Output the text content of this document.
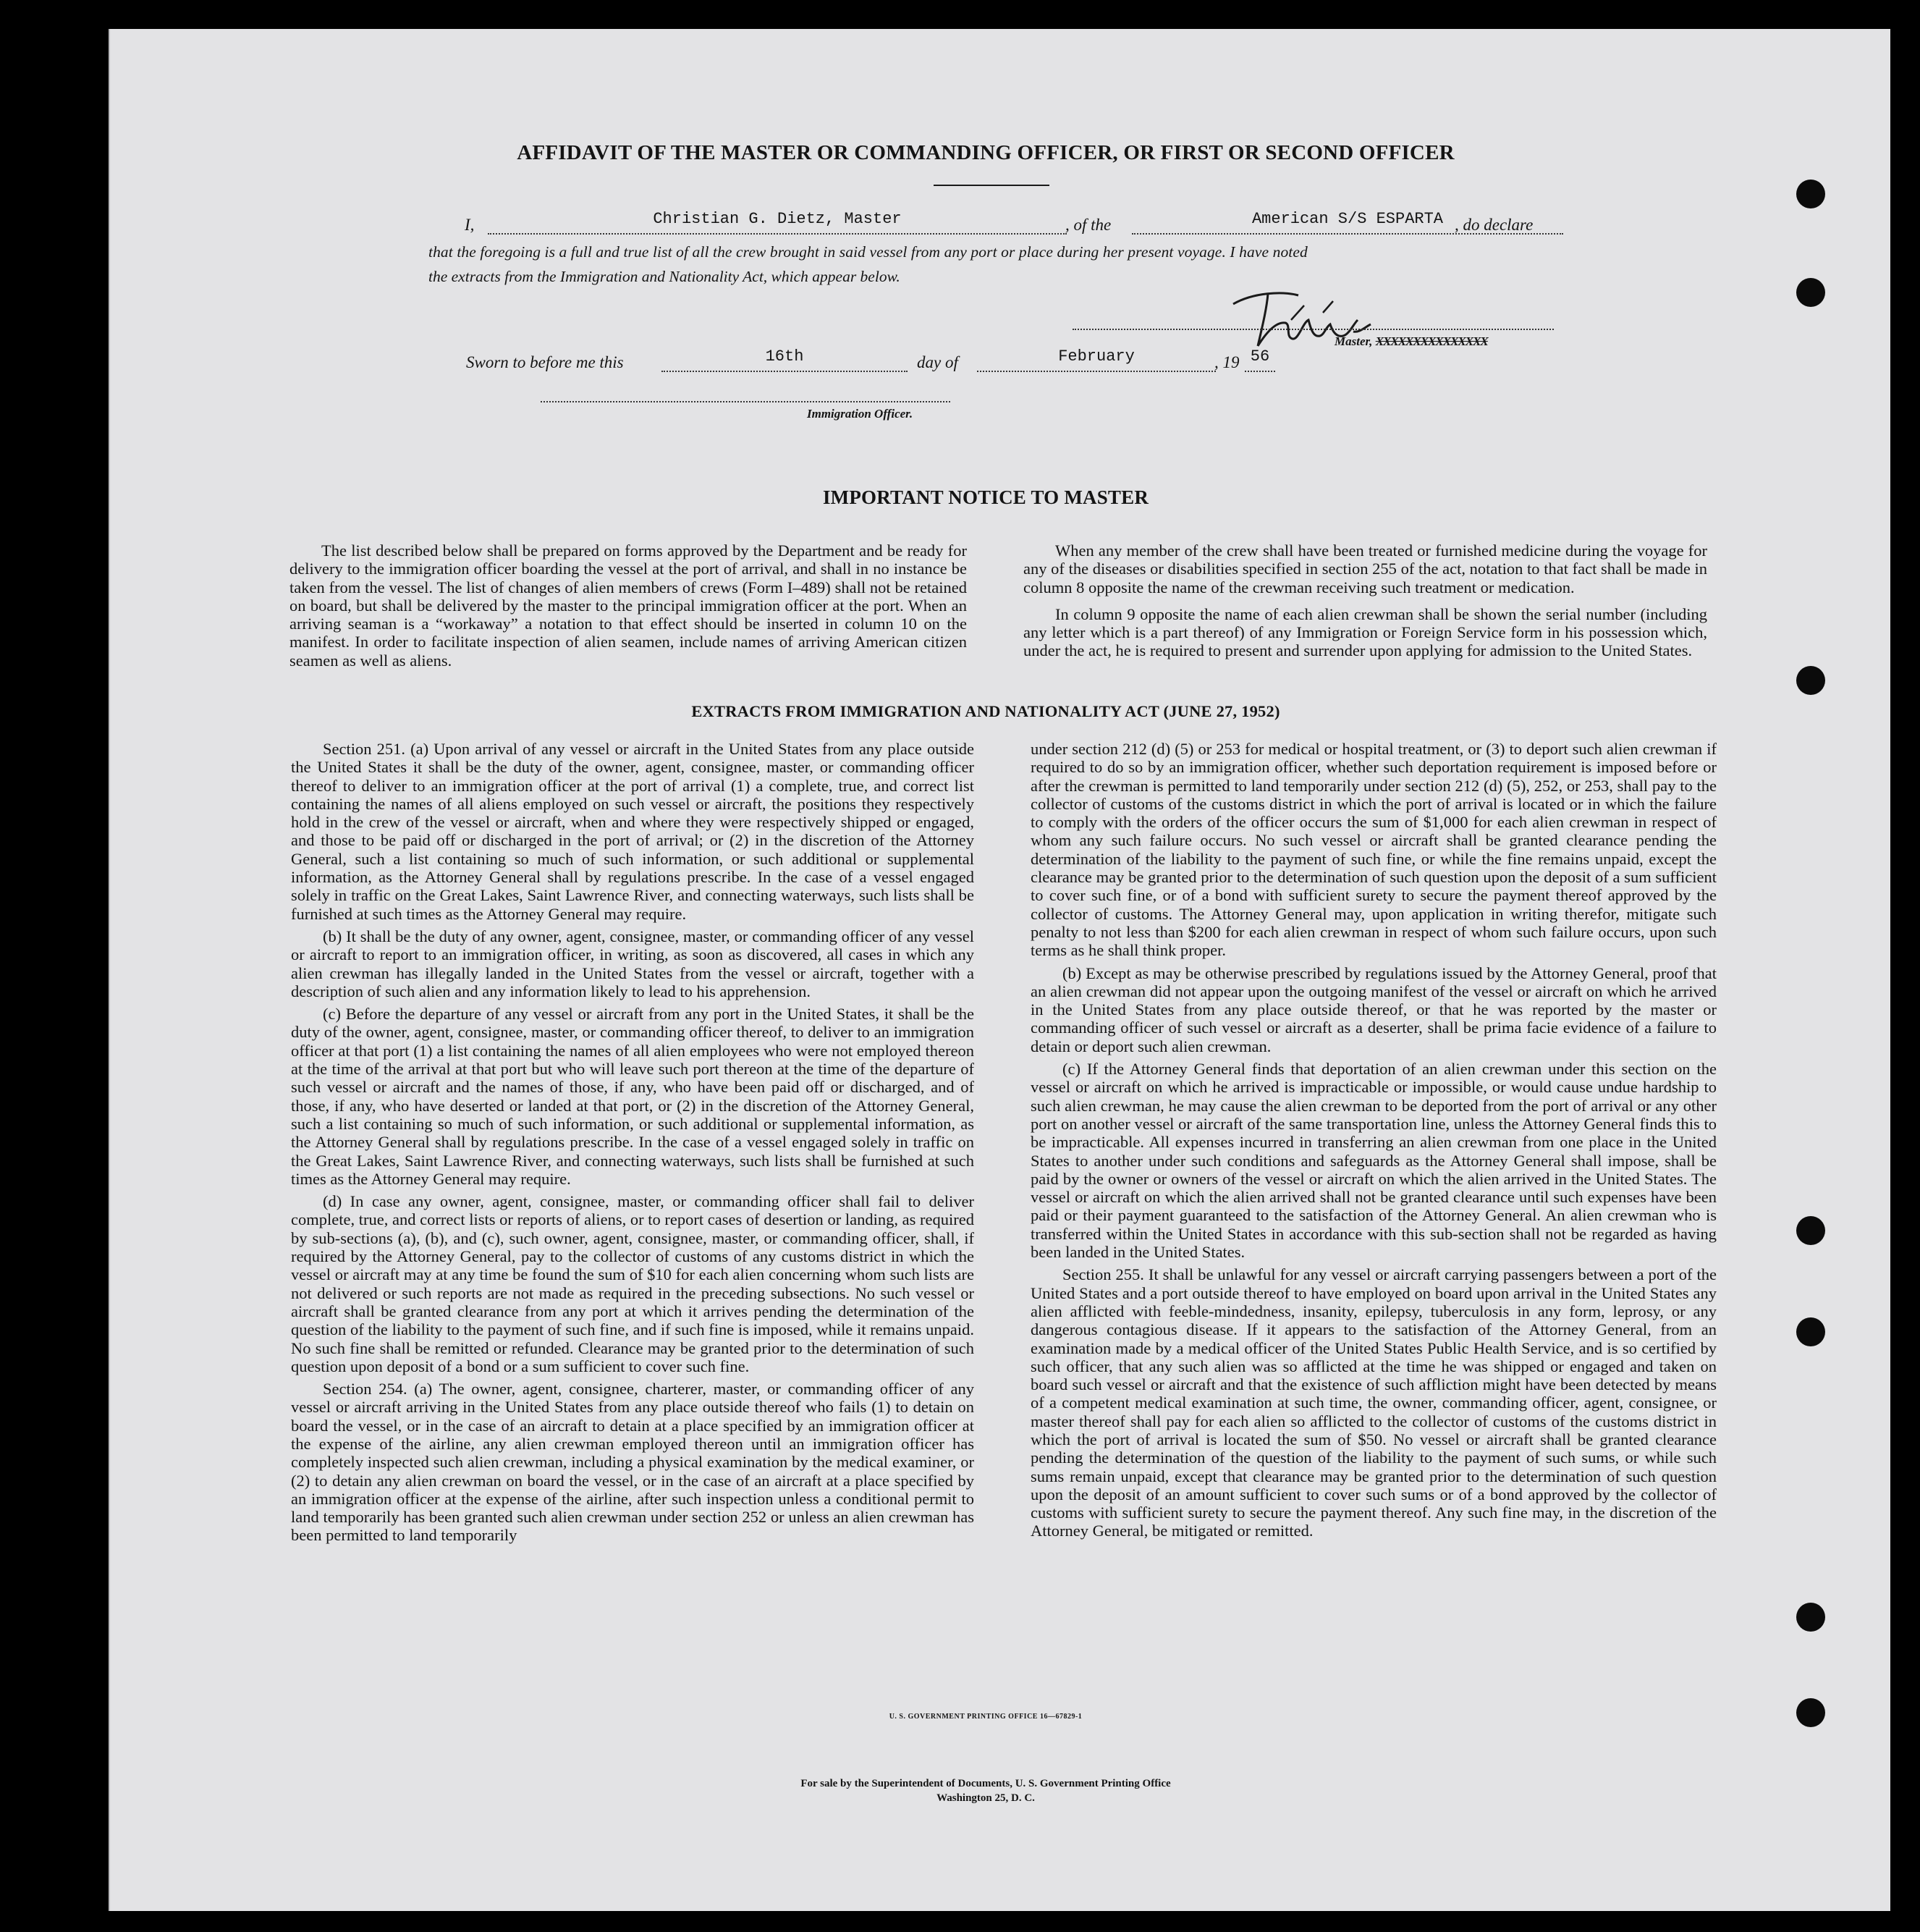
AFFIDAVIT OF THE MASTER OR COMMANDING OFFICER, OR FIRST OR SECOND OFFICER
I,	Christian G. Dietz, Master	, of the	American S/S ESPARTA , do declare
that the foregoing is a full and true list of all the crew brought in said vessel from any port or place during her present voyage. I have noted
the extracts from the Immigration and Nationality Act, which appear below.
Master, XXXXXXXXXXXXXXX
Sworn to before me this	16th	day of	February	, 19 56
Immigration Officer.
IMPORTANT NOTICE TO MASTER

The list described below shall be prepared on forms approved by the Department and be ready for delivery to the immigration officer boarding the vessel at the port of arrival, and shall in no instance be taken from the vessel. The list of changes of alien members of crews (Form I–489) shall not be retained on board, but shall be delivered by the master to the principal immigration officer at the port. When an arriving seaman is a “workaway” a notation to that effect should be inserted in column 10 on the manifest. In order to facilitate inspection of alien seamen, include names of arriving American citizen seamen as well as aliens.

When any member of the crew shall have been treated or furnished medicine during the voyage for any of the diseases or disabilities specified in section 255 of the act, notation to that fact shall be made in column 8 opposite the name of the crewman receiving such treatment or medication.

In column 9 opposite the name of each alien crewman shall be shown the serial number (including any letter which is a part thereof) of any Immigration or Foreign Service form in his possession which, under the act, he is required to present and surrender upon applying for admission to the United States.

EXTRACTS FROM IMMIGRATION AND NATIONALITY ACT (JUNE 27, 1952)

Section 251. (a) Upon arrival of any vessel or aircraft in the United States from any place outside the United States it shall be the duty of the owner, agent, consignee, master, or commanding officer thereof to deliver to an immigration officer at the port of arrival (1) a complete, true, and correct list containing the names of all aliens employed on such vessel or aircraft, the positions they respectively hold in the crew of the vessel or aircraft, when and where they were respectively shipped or engaged, and those to be paid off or discharged in the port of arrival; or (2) in the discretion of the Attorney General, such a list containing so much of such information, or such additional or supplemental information, as the Attorney General shall by regulations prescribe. In the case of a vessel engaged solely in traffic on the Great Lakes, Saint Lawrence River, and connecting waterways, such lists shall be furnished at such times as the Attorney General may require.

(b) It shall be the duty of any owner, agent, consignee, master, or commanding officer of any vessel or aircraft to report to an immigration officer, in writing, as soon as discovered, all cases in which any alien crewman has illegally landed in the United States from the vessel or aircraft, together with a description of such alien and any information likely to lead to his apprehension.

(c) Before the departure of any vessel or aircraft from any port in the United States, it shall be the duty of the owner, agent, consignee, master, or commanding officer thereof, to deliver to an immigration officer at that port (1) a list containing the names of all alien employees who were not employed thereon at the time of the arrival at that port but who will leave such port thereon at the time of the departure of such vessel or aircraft and the names of those, if any, who have been paid off or discharged, and of those, if any, who have deserted or landed at that port, or (2) in the discretion of the Attorney General, such a list containing so much of such information, or such additional or supplemental information, as the Attorney General shall by regulations prescribe. In the case of a vessel engaged solely in traffic on the Great Lakes, Saint Lawrence River, and connecting waterways, such lists shall be furnished at such times as the Attorney General may require.

(d) In case any owner, agent, consignee, master, or commanding officer shall fail to deliver complete, true, and correct lists or reports of aliens, or to report cases of desertion or landing, as required by sub-sections (a), (b), and (c), such owner, agent, consignee, master, or commanding officer, shall, if required by the Attorney General, pay to the collector of customs of any customs district in which the vessel or aircraft may at any time be found the sum of $10 for each alien concerning whom such lists are not delivered or such reports are not made as required in the preceding subsections. No such vessel or aircraft shall be granted clearance from any port at which it arrives pending the determination of the question of the liability to the payment of such fine, and if such fine is imposed, while it remains unpaid. No such fine shall be remitted or refunded. Clearance may be granted prior to the determination of such question upon deposit of a bond or a sum sufficient to cover such fine.

Section 254. (a) The owner, agent, consignee, charterer, master, or commanding officer of any vessel or aircraft arriving in the United States from any place outside thereof who fails (1) to detain on board the vessel, or in the case of an aircraft to detain at a place specified by an immigration officer at the expense of the airline, any alien crewman employed thereon until an immigration officer has completely inspected such alien crewman, including a physical examination by the medical examiner, or (2) to detain any alien crewman on board the vessel, or in the case of an aircraft at a place specified by an immigration officer at the expense of the airline, after such inspection unless a conditional permit to land temporarily has been granted such alien crewman under section 252 or unless an alien crewman has been permitted to land temporarily

under section 212 (d) (5) or 253 for medical or hospital treatment, or (3) to deport such alien crewman if required to do so by an immigration officer, whether such deportation requirement is imposed before or after the crewman is permitted to land temporarily under section 212 (d) (5), 252, or 253, shall pay to the collector of customs of the customs district in which the port of arrival is located or in which the failure to comply with the orders of the officer occurs the sum of $1,000 for each alien crewman in respect of whom any such failure occurs. No such vessel or aircraft shall be granted clearance pending the determination of the liability to the payment of such fine, or while the fine remains unpaid, except the clearance may be granted prior to the determination of such question upon the deposit of a sum sufficient to cover such fine, or of a bond with sufficient surety to secure the payment thereof approved by the collector of customs. The Attorney General may, upon application in writing therefor, mitigate such penalty to not less than $200 for each alien crewman in respect of whom such failure occurs, upon such terms as he shall think proper.

(b) Except as may be otherwise prescribed by regulations issued by the Attorney General, proof that an alien crewman did not appear upon the outgoing manifest of the vessel or aircraft on which he arrived in the United States from any place outside thereof, or that he was reported by the master or commanding officer of such vessel or aircraft as a deserter, shall be prima facie evidence of a failure to detain or deport such alien crewman.

(c) If the Attorney General finds that deportation of an alien crewman under this section on the vessel or aircraft on which he arrived is impracticable or impossible, or would cause undue hardship to such alien crewman, he may cause the alien crewman to be deported from the port of arrival or any other port on another vessel or aircraft of the same transportation line, unless the Attorney General finds this to be impracticable. All expenses incurred in transferring an alien crewman from one place in the United States to another under such conditions and safeguards as the Attorney General shall impose, shall be paid by the owner or owners of the vessel or aircraft on which the alien arrived in the United States. The vessel or aircraft on which the alien arrived shall not be granted clearance until such expenses have been paid or their payment guaranteed to the satisfaction of the Attorney General. An alien crewman who is transferred within the United States in accordance with this sub-section shall not be regarded as having been landed in the United States.

Section 255. It shall be unlawful for any vessel or aircraft carrying passengers between a port of the United States and a port outside thereof to have employed on board upon arrival in the United States any alien afflicted with feeble-mindedness, insanity, epilepsy, tuberculosis in any form, leprosy, or any dangerous contagious disease. If it appears to the satisfaction of the Attorney General, from an examination made by a medical officer of the United States Public Health Service, and is so certified by such officer, that any such alien was so afflicted at the time he was shipped or engaged and taken on board such vessel or aircraft and that the existence of such affliction might have been detected by means of a competent medical examination at such time, the owner, commanding officer, agent, consignee, or master thereof shall pay for each alien so afflicted to the collector of customs of the customs district in which the port of arrival is located the sum of $50. No vessel or aircraft shall be granted clearance pending the determination of the question of the liability to the payment of such sums, or while such sums remain unpaid, except that clearance may be granted prior to the determination of such question upon the deposit of an amount sufficient to cover such sums or of a bond approved by the collector of customs with sufficient surety to secure the payment thereof. Any such fine may, in the discretion of the Attorney General, be mitigated or remitted.

U. S. GOVERNMENT PRINTING OFFICE 16—67829-1
For sale by the Superintendent of Documents, U. S. Government Printing Office
Washington 25, D. C.
